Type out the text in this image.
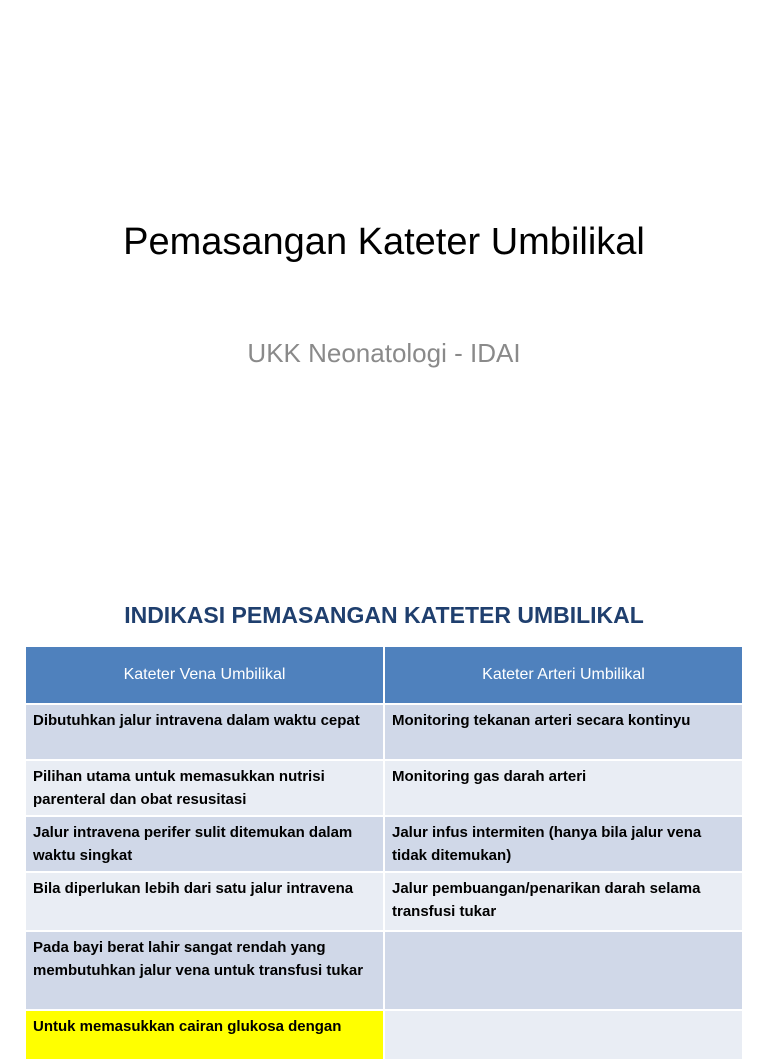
Pemasangan Kateter Umbilikal
UKK Neonatologi - IDAI
INDIKASI PEMASANGAN KATETER UMBILIKAL
Kateter Vena Umbilikal	Kateter Arteri Umbilikal
Dibutuhkan jalur intravena dalam waktu cepat	Monitoring tekanan arteri secara kontinyu
Pilihan utama untuk memasukkan nutrisi parenteral dan obat resusitasi	Monitoring gas darah arteri
Jalur intravena perifer sulit ditemukan dalam waktu singkat	Jalur infus intermiten (hanya bila jalur vena tidak ditemukan)
Bila diperlukan lebih dari satu jalur intravena	Jalur pembuangan/penarikan darah selama transfusi tukar
Pada bayi berat lahir sangat rendah yang membutuhkan jalur vena untuk transfusi tukar	
Untuk memasukkan cairan glukosa dengan	
